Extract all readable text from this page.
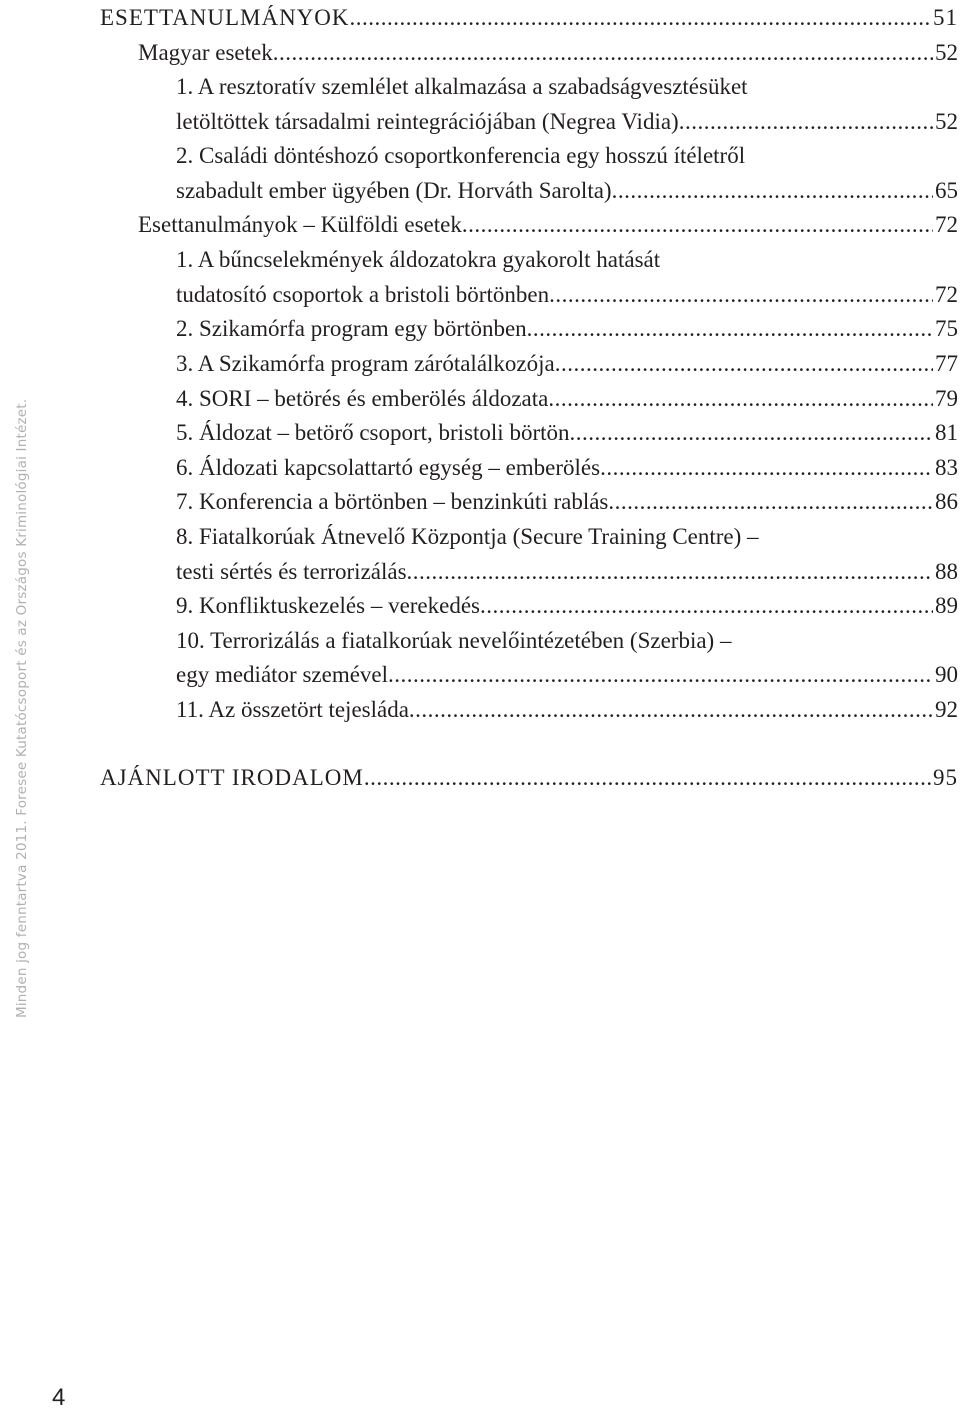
Minden jog fenntartva 2011. Foresee Kutatócsoport és az Országos Kriminológiai Intézet.
ESETTANULMÁNYOK .....	51
Magyar esetek .....	52
1. A resztoratív szemlélet alkalmazása a szabadságvesztésüket
letöltöttek társadalmi reintegrációjában (Negrea Vidia) .....	52
2. Családi döntéshozó csoportkonferencia egy hosszú ítéletről
szabadult ember ügyében (Dr. Horváth Sarolta) .....	65
Esettanulmányok – Külföldi esetek .....	72
1. A bűncselekmények áldozatokra gyakorolt hatását
tudatosító csoportok a bristoli börtönben .....	72
2. Szikamórfa program egy börtönben .....	75
3. A Szikamórfa program zárótalálkozója .....	77
4. SORI – betörés és emberölés áldozata .....	79
5. Áldozat – betörő csoport, bristoli börtön .....	81
6. Áldozati kapcsolattartó egység – emberölés .....	83
7. Konferencia a börtönben – benzinkúti rablás .....	86
8. Fiatalkorúak Átnevelő Központja (Secure Training Centre) –
testi sértés és terrorizálás .....	88
9. Konfliktuskezelés – verekedés .....	89
10. Terrorizálás a fiatalkorúak nevelőintézetében (Szerbia) –
egy mediátor szemével .....	90
11. Az összetört tejesláda .....	92
AJÁNLOTT IRODALOM .....	95
4
